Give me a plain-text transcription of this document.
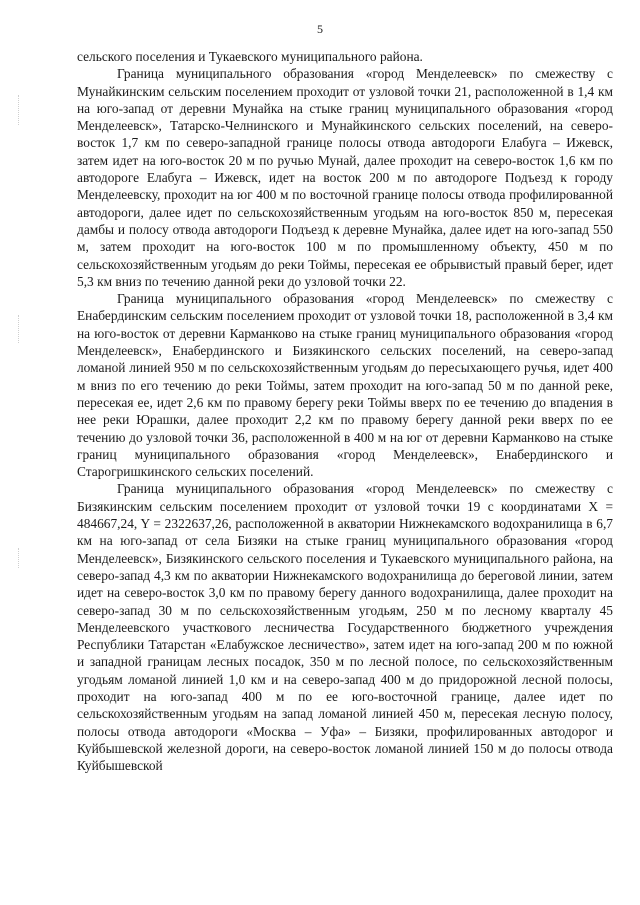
5

сельского поселения и Тукаевского муниципального района.

Граница муниципального образования «город Менделеевск» по смежеству с Мунайкинским сельским поселением проходит от узловой точки 21, расположенной в 1,4 км на юго-запад от деревни Мунайка на стыке границ муниципального образования «город Менделеевск», Татарско-Челнинского и Мунайкинского сельских поселений, на северо-восток 1,7 км по северо-западной границе полосы отвода автодороги Елабуга – Ижевск, затем идет на юго-восток 20 м по ручью Мунай, далее проходит на северо-восток 1,6 км по автодороге Елабуга – Ижевск, идет на восток 200 м по автодороге Подъезд к городу Менделеевску, проходит на юг 400 м по восточной границе полосы отвода профилированной автодороги, далее идет по сельскохозяйственным угодьям на юго-восток 850 м, пересекая дамбы и полосу отвода автодороги Подъезд к деревне Мунайка, далее идет на юго-запад 550 м, затем проходит на юго-восток 100 м по промышленному объекту, 450 м по сельскохозяйственным угодьям до реки Тоймы, пересекая ее обрывистый правый берег, идет 5,3 км вниз по течению данной реки до узловой точки 22.

Граница муниципального образования «город Менделеевск» по смежеству с Енабердинским сельским поселением проходит от узловой точки 18, расположенной в 3,4 км на юго-восток от деревни Карманково на стыке границ муниципального образования «город Менделеевск», Енабердинского и Бизякинского сельских поселений, на северо-запад ломаной линией 950 м по сельскохозяйственным угодьям до пересыхающего ручья, идет 400 м вниз по его течению до реки Тоймы, затем проходит на юго-запад 50 м по данной реке, пересекая ее, идет 2,6 км по правому берегу реки Тоймы вверх по ее течению до впадения в нее реки Юрашки, далее проходит 2,2 км по правому берегу данной реки вверх по ее течению до узловой точки 36, расположенной в 400 м на юг от деревни Карманково на стыке границ муниципального образования «город Менделеевск», Енабердинского и Старогришкинского сельских поселений.

Граница муниципального образования «город Менделеевск» по смежеству с Бизякинским сельским поселением проходит от узловой точки 19 с координатами X = 484667,24, Y = 2322637,26, расположенной в акватории Нижнекамского водохранилища в 6,7 км на юго-запад от села Бизяки на стыке границ муниципального образования «город Менделеевск», Бизякинского сельского поселения и Тукаевского муниципального района, на северо-запад 4,3 км по акватории Нижнекамского водохранилища до береговой линии, затем идет на северо-восток 3,0 км по правому берегу данного водохранилища, далее проходит на северо-запад 30 м по сельскохозяйственным угодьям, 250 м по лесному кварталу 45 Менделеевского участкового лесничества Государственного бюджетного учреждения Республики Татарстан «Елабужское лесничество», затем идет на юго-запад 200 м по южной и западной границам лесных посадок, 350 м по лесной полосе, по сельскохозяйственным угодьям ломаной линией 1,0 км и на северо-запад 400 м до придорожной лесной полосы, проходит на юго-запад 400 м по ее юго-восточной границе, далее идет по сельскохозяйственным угодьям на запад ломаной линией 450 м, пересекая лесную полосу, полосы отвода автодороги «Москва – Уфа» – Бизяки, профилированных автодорог и Куйбышевской железной дороги, на северо-восток ломаной линией 150 м до полосы отвода Куйбышевской
